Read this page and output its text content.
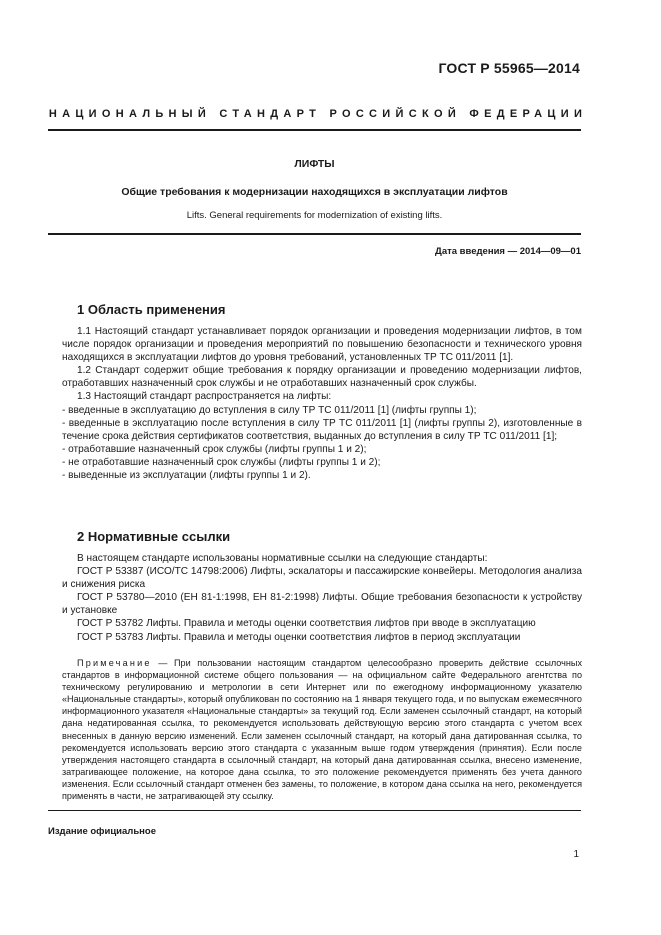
ГОСТ Р 55965—2014
НАЦИОНАЛЬНЫЙ СТАНДАРТ РОССИЙСКОЙ ФЕДЕРАЦИИ
ЛИФТЫ
Общие требования к модернизации находящихся в эксплуатации лифтов
Lifts. General requirements for modernization of existing lifts.
Дата введения — 2014—09—01
1 Область применения

1.1 Настоящий стандарт устанавливает порядок организации и проведения модернизации лифтов, в том числе порядок организации и проведения мероприятий по повышению безопасности и технического уровня находящихся в эксплуатации лифтов до уровня требований, установленных ТР ТС 011/2011 [1].

1.2 Стандарт содержит общие требования к порядку организации и проведению модернизации лифтов, отработавших назначенный срок службы и не отработавших назначенный срок службы.

1.3 Настоящий стандарт распространяется на лифты:

- введенные в эксплуатацию до вступления в силу ТР ТС 011/2011 [1] (лифты группы 1);

- введенные в эксплуатацию после вступления в силу ТР ТС 011/2011 [1] (лифты группы 2), изготовленные в течение срока действия сертификатов соответствия, выданных до вступления в силу ТР ТС 011/2011 [1];

- отработавшие назначенный срок службы (лифты группы 1 и 2);

- не отработавшие назначенный срок службы (лифты группы 1 и 2);

- выведенные из эксплуатации (лифты группы 1 и 2).

2 Нормативные ссылки

В настоящем стандарте использованы нормативные ссылки на следующие стандарты:

ГОСТ Р 53387 (ИСО/ТС 14798:2006) Лифты, эскалаторы и пассажирские конвейеры. Методология анализа и снижения риска

ГОСТ Р 53780—2010 (ЕН 81-1:1998, ЕН 81-2:1998) Лифты. Общие требования безопасности к устройству и установке

ГОСТ Р 53782 Лифты. Правила и методы оценки соответствия лифтов при вводе в эксплуатацию

ГОСТ Р 53783 Лифты. Правила и методы оценки соответствия лифтов в период эксплуатации

Примечание — При пользовании настоящим стандартом целесообразно проверить действие ссылочных стандартов в информационной системе общего пользования — на официальном сайте Федерального агентства по техническому регулированию и метрологии в сети Интернет или по ежегодному информационному указателю «Национальные стандарты», который опубликован по состоянию на 1 января текущего года, и по выпускам ежемесячного информационного указателя «Национальные стандарты» за текущий год. Если заменен ссылочный стандарт, на который дана недатированная ссылка, то рекомендуется использовать действующую версию этого стандарта с учетом всех внесенных в данную версию изменений. Если заменен ссылочный стандарт, на который дана датированная ссылка, то рекомендуется использовать версию этого стандарта с указанным выше годом утверждения (принятия). Если после утверждения настоящего стандарта в ссылочный стандарт, на который дана датированная ссылка, внесено изменение, затрагивающее положение, на которое дана ссылка, то это положение рекомендуется применять без учета данного изменения. Если ссылочный стандарт отменен без замены, то положение, в котором дана ссылка на него, рекомендуется применять в части, не затрагивающей эту ссылку.

Издание официальное
1
